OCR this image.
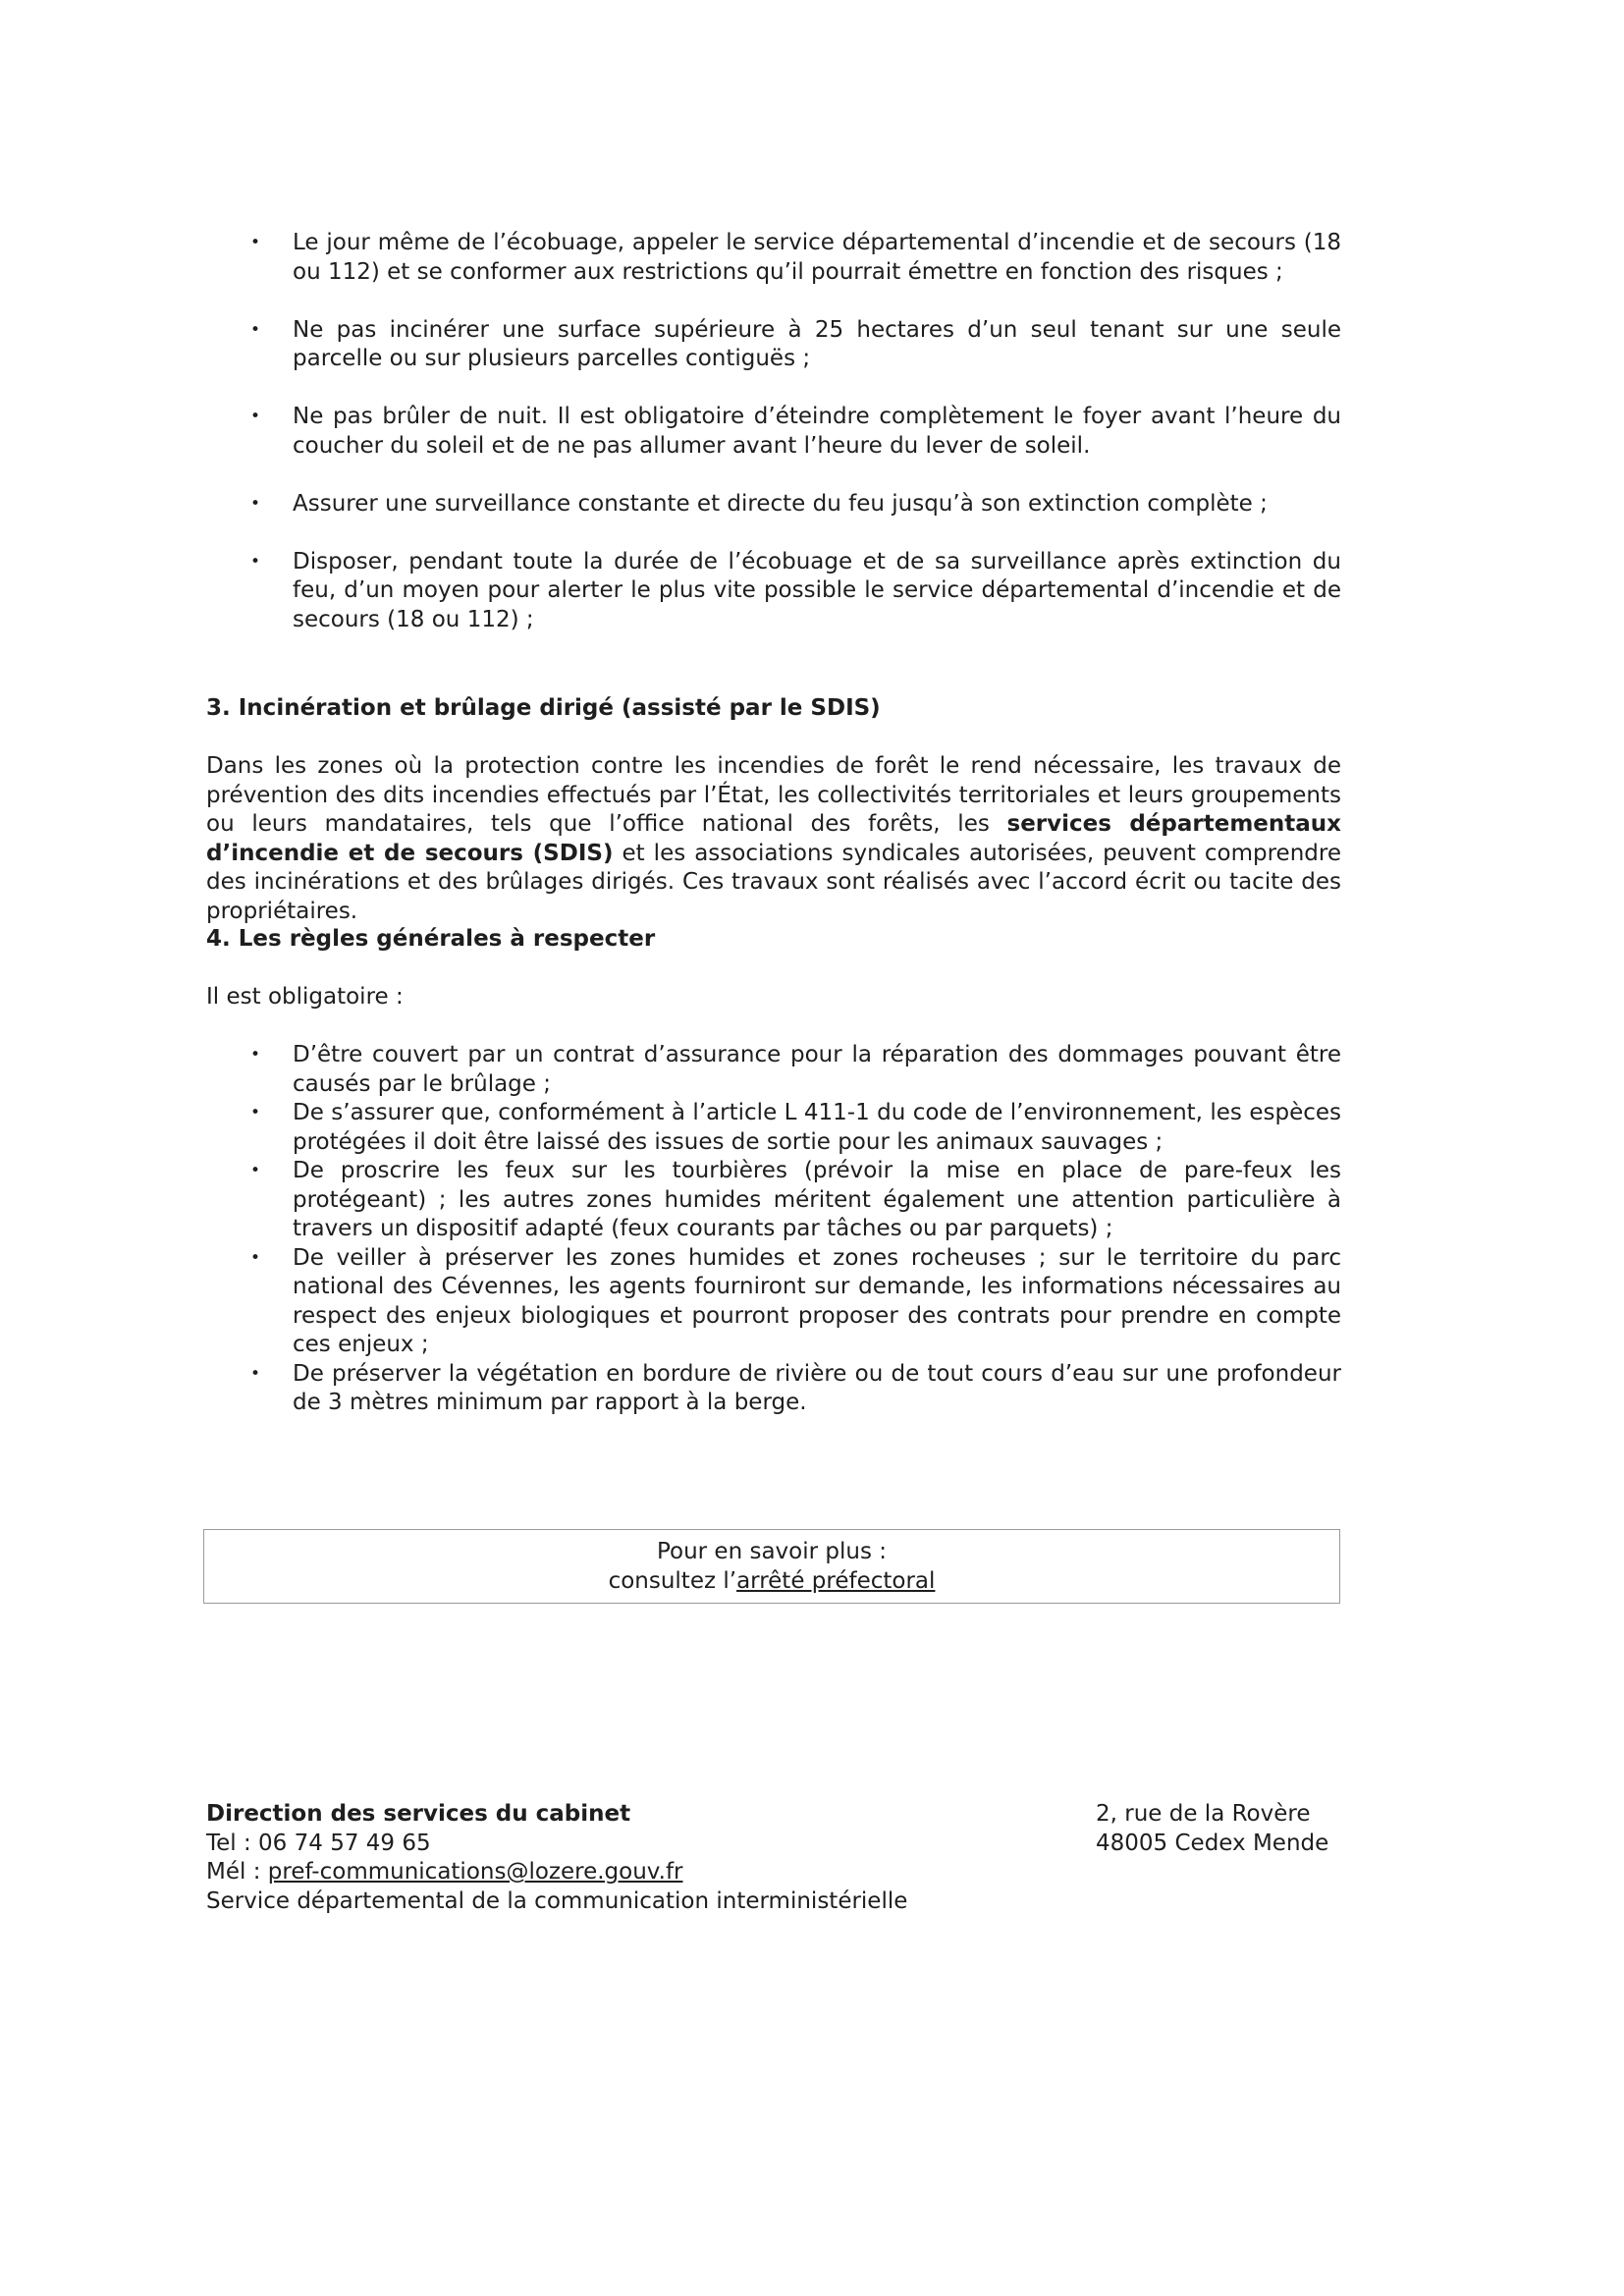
• Le jour même de l’écobuage, appeler le service départemental d’incendie et de secours (18 ou 112) et se conformer aux restrictions qu’il pourrait émettre en fonction des risques ;
• Ne pas incinérer une surface supérieure à 25 hectares d’un seul tenant sur une seule parcelle ou sur plusieurs parcelles contiguës ;
• Ne pas brûler de nuit. Il est obligatoire d’éteindre complètement le foyer avant l’heure du coucher du soleil et de ne pas allumer avant l’heure du lever de soleil.
• Assurer une surveillance constante et directe du feu jusqu’à son extinction complète ;
• Disposer, pendant toute la durée de l’écobuage et de sa surveillance après extinction du feu, d’un moyen pour alerter le plus vite possible le service départemental d’incendie et de secours (18 ou 112) ;
3. Incinération et brûlage dirigé (assisté par le SDIS)

Dans les zones où la protection contre les incendies de forêt le rend nécessaire, les travaux de prévention des dits incendies effectués par l’État, les collectivités territoriales et leurs groupements ou leurs mandataires, tels que l’office national des forêts, les services départementaux d’incendie et de secours (SDIS) et les associations syndicales autorisées, peuvent comprendre des incinérations et des brûlages dirigés. Ces travaux sont réalisés avec l’accord écrit ou tacite des propriétaires.

4. Les règles générales à respecter

Il est obligatoire :

• D’être couvert par un contrat d’assurance pour la réparation des dommages pouvant être causés par le brûlage ;
• De s’assurer que, conformément à l’article L 411-1 du code de l’environnement, les espèces protégées il doit être laissé des issues de sortie pour les animaux sauvages ;
• De proscrire les feux sur les tourbières (prévoir la mise en place de pare-feux les protégeant) ; les autres zones humides méritent également une attention particulière à travers un dispositif adapté (feux courants par tâches ou par parquets) ;
• De veiller à préserver les zones humides et zones rocheuses ; sur le territoire du parc national des Cévennes, les agents fourniront sur demande, les informations nécessaires au respect des enjeux biologiques et pourront proposer des contrats pour prendre en compte ces enjeux ;
• De préserver la végétation en bordure de rivière ou de tout cours d’eau sur une profondeur de 3 mètres minimum par rapport à la berge.
Pour en savoir plus :
consultez l’arrêté préfectoral
Direction des services du cabinet
Tel : 06 74 57 49 65
Mél : pref-communications@lozere.gouv.fr
Service départemental de la communication interministérielle
2, rue de la Rovère
48005 Cedex Mende
